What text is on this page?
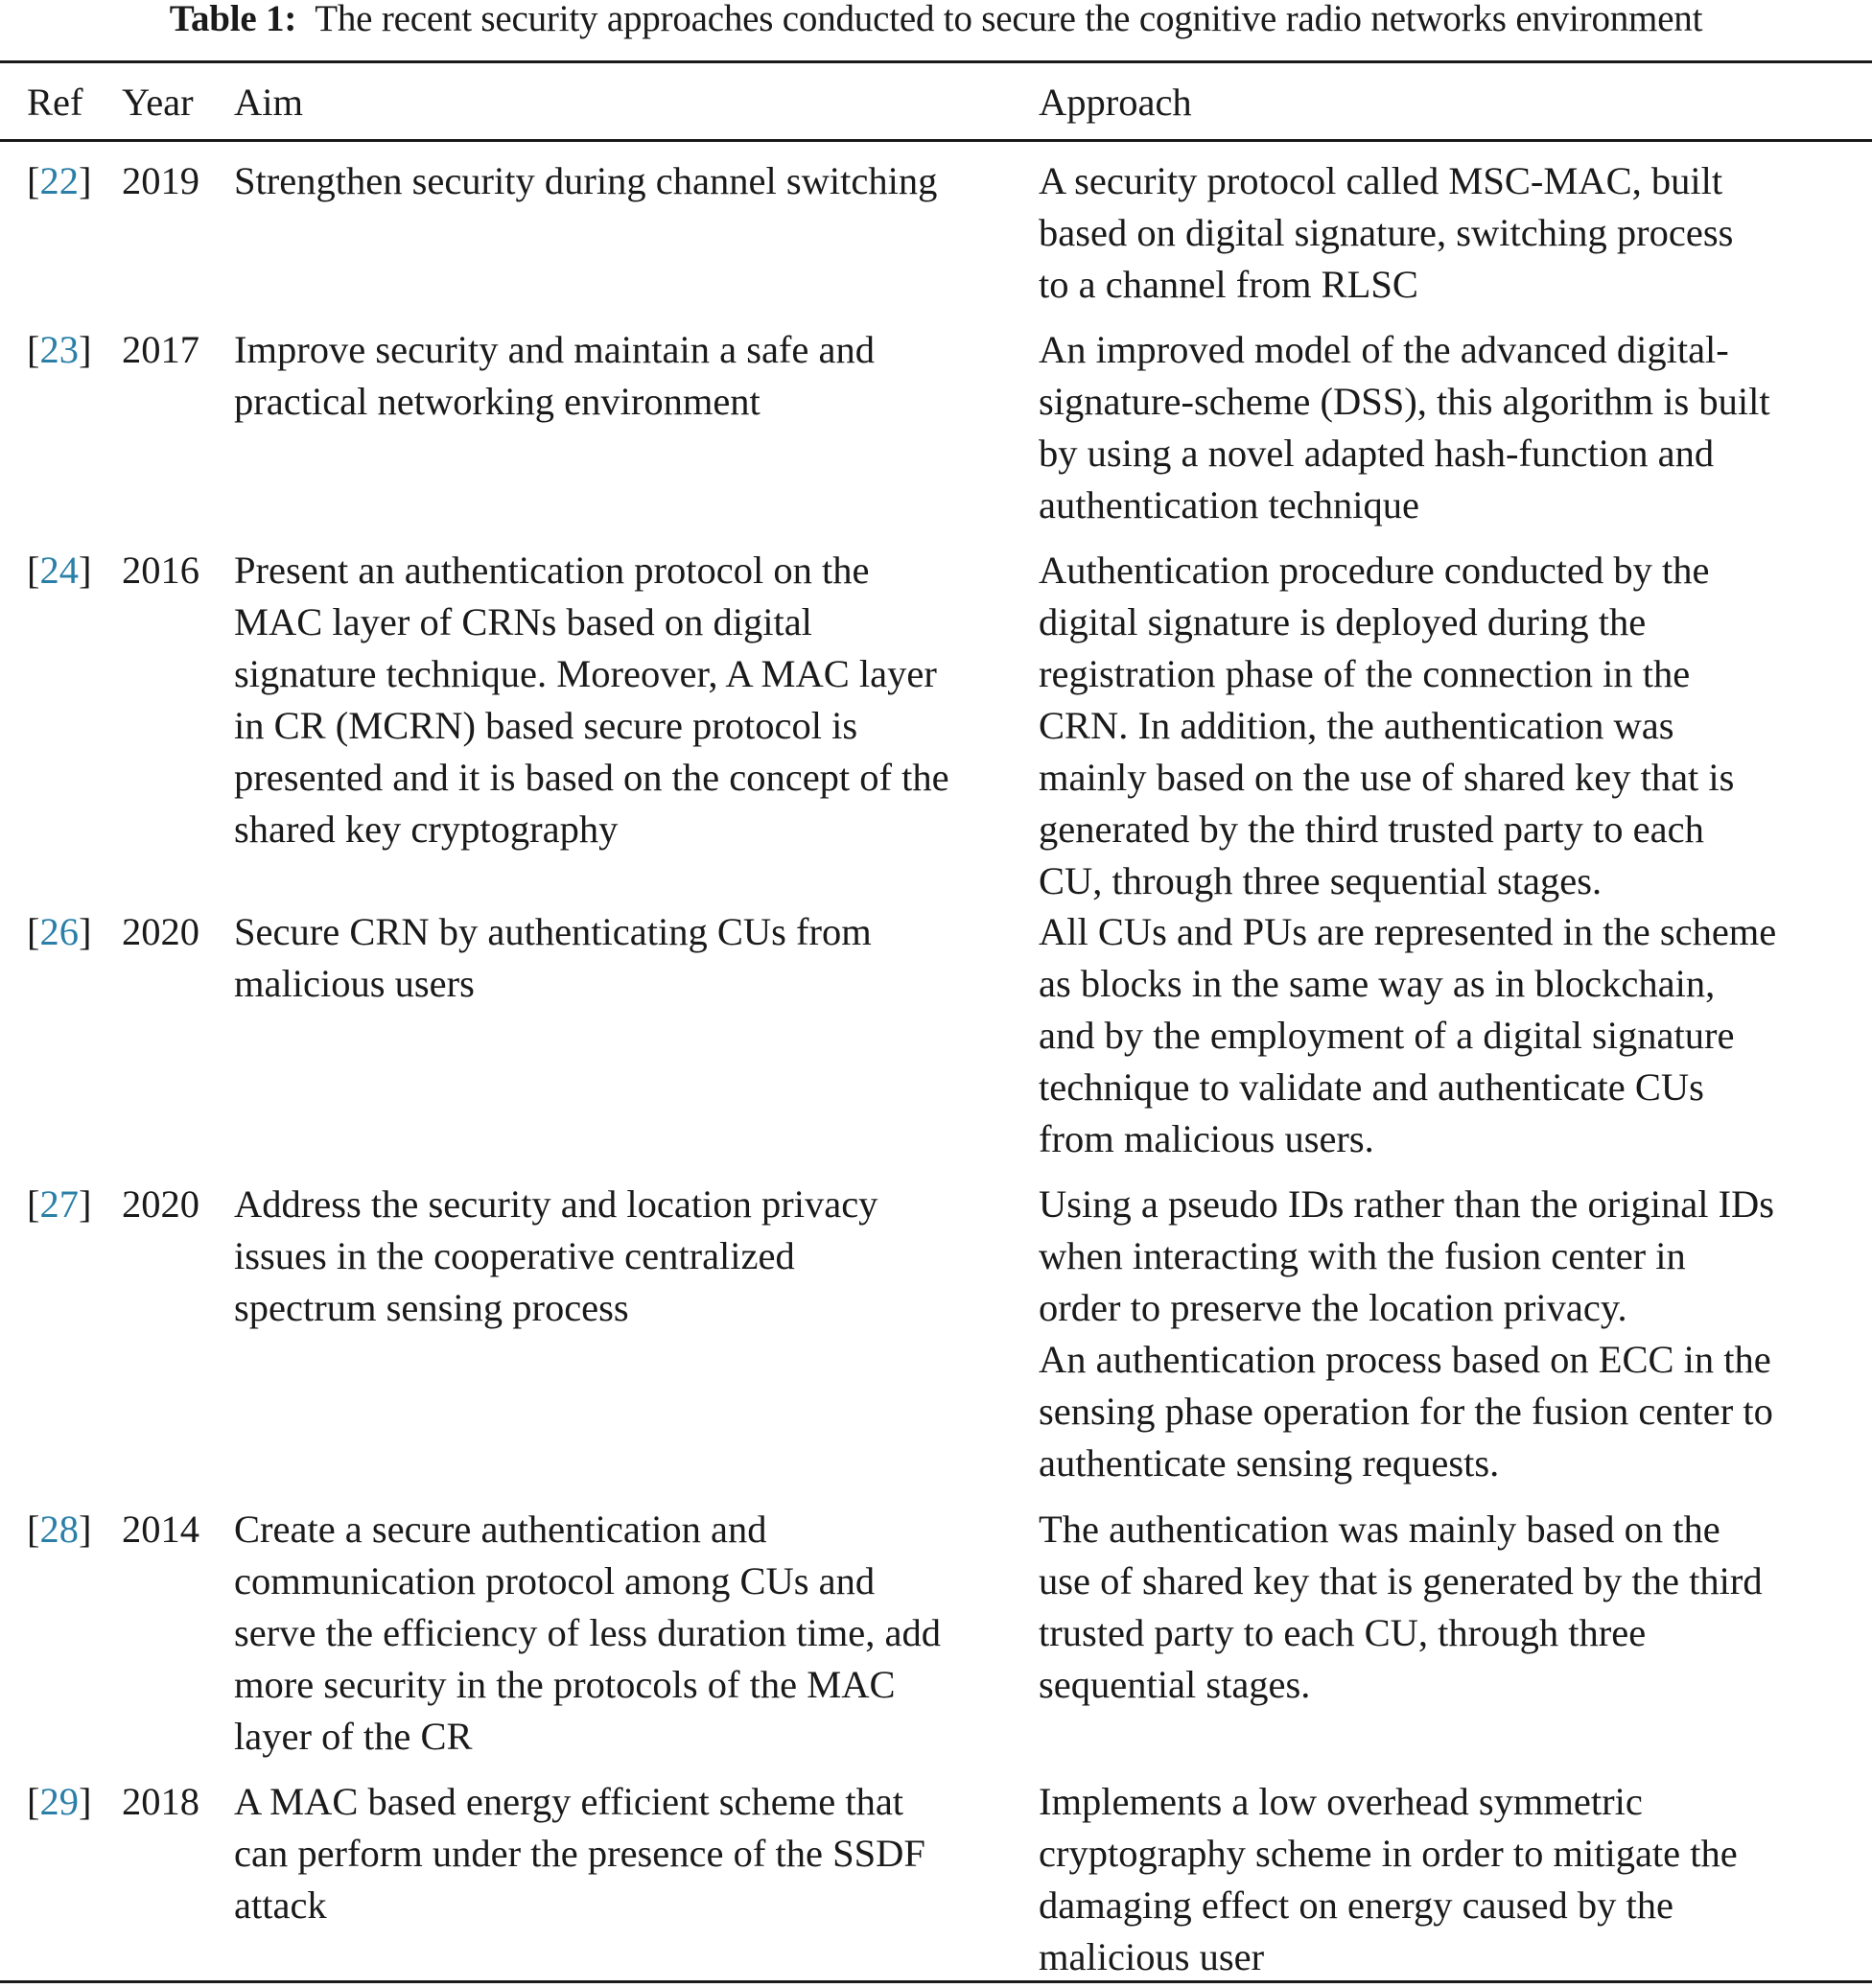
Table 1: The recent security approaches conducted to secure the cognitive radio networks environment
Ref Year Aim	Approach
[22] 2019 Strengthen security during channel switching	A security protocol called MSC-MAC, built
based on digital signature, switching process
to a channel from RLSC
[23] 2017 Improve security and maintain a safe and
practical networking environment
An improved model of the advanced digital-
signature-scheme (DSS), this algorithm is built
by using a novel adapted hash-function and
authentication technique
[24] 2016 Present an authentication protocol on the
MAC layer of CRNs based on digital
signature technique. Moreover, A MAC layer
in CR (MCRN) based secure protocol is
presented and it is based on the concept of the
shared key cryptography
Authentication procedure conducted by the
digital signature is deployed during the
registration phase of the connection in the
CRN. In addition, the authentication was
mainly based on the use of shared key that is
generated by the third trusted party to each
CU, through three sequential stages.
[26] 2020 Secure CRN by authenticating CUs from
malicious users
All CUs and PUs are represented in the scheme
as blocks in the same way as in blockchain,
and by the employment of a digital signature
technique to validate and authenticate CUs
from malicious users.
[27] 2020 Address the security and location privacy
issues in the cooperative centralized
spectrum sensing process
Using a pseudo IDs rather than the original IDs
when interacting with the fusion center in
order to preserve the location privacy.
An authentication process based on ECC in the
sensing phase operation for the fusion center to
authenticate sensing requests.
[28] 2014 Create a secure authentication and
communication protocol among CUs and
serve the efficiency of less duration time, add
more security in the protocols of the MAC
layer of the CR
The authentication was mainly based on the
use of shared key that is generated by the third
trusted party to each CU, through three
sequential stages.
[29] 2018 A MAC based energy efficient scheme that
can perform under the presence of the SSDF
attack
Implements a low overhead symmetric
cryptography scheme in order to mitigate the
damaging effect on energy caused by the
malicious user
